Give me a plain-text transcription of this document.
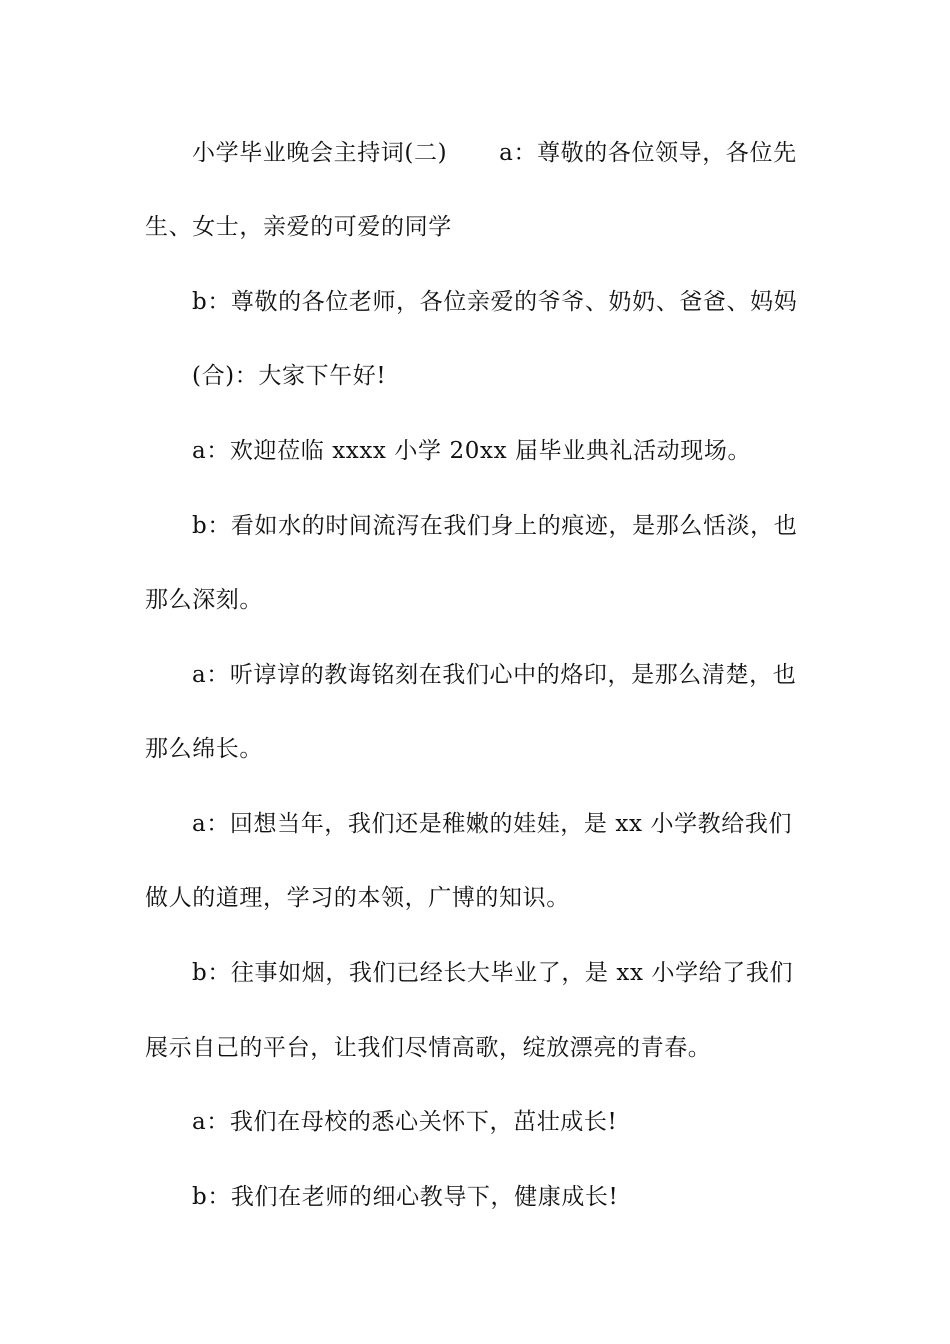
小学毕业晚会主持词(二) a：尊敬的各位领导，各位先
生、女士，亲爱的可爱的同学
b：尊敬的各位老师，各位亲爱的爷爷、奶奶、爸爸、妈妈
(合)：大家下午好!
a：欢迎莅临 xxxx 小学 20xx 届毕业典礼活动现场。
b：看如水的时间流泻在我们身上的痕迹，是那么恬淡，也
那么深刻。
a：听谆谆的教诲铭刻在我们心中的烙印，是那么清楚，也
那么绵长。
a：回想当年，我们还是稚嫩的娃娃，是 xx 小学教给我们
做人的道理，学习的本领，广博的知识。
b：往事如烟，我们已经长大毕业了，是 xx 小学给了我们
展示自己的平台，让我们尽情高歌，绽放漂亮的青春。
a：我们在母校的悉心关怀下，茁壮成长!
b：我们在老师的细心教导下，健康成长!
